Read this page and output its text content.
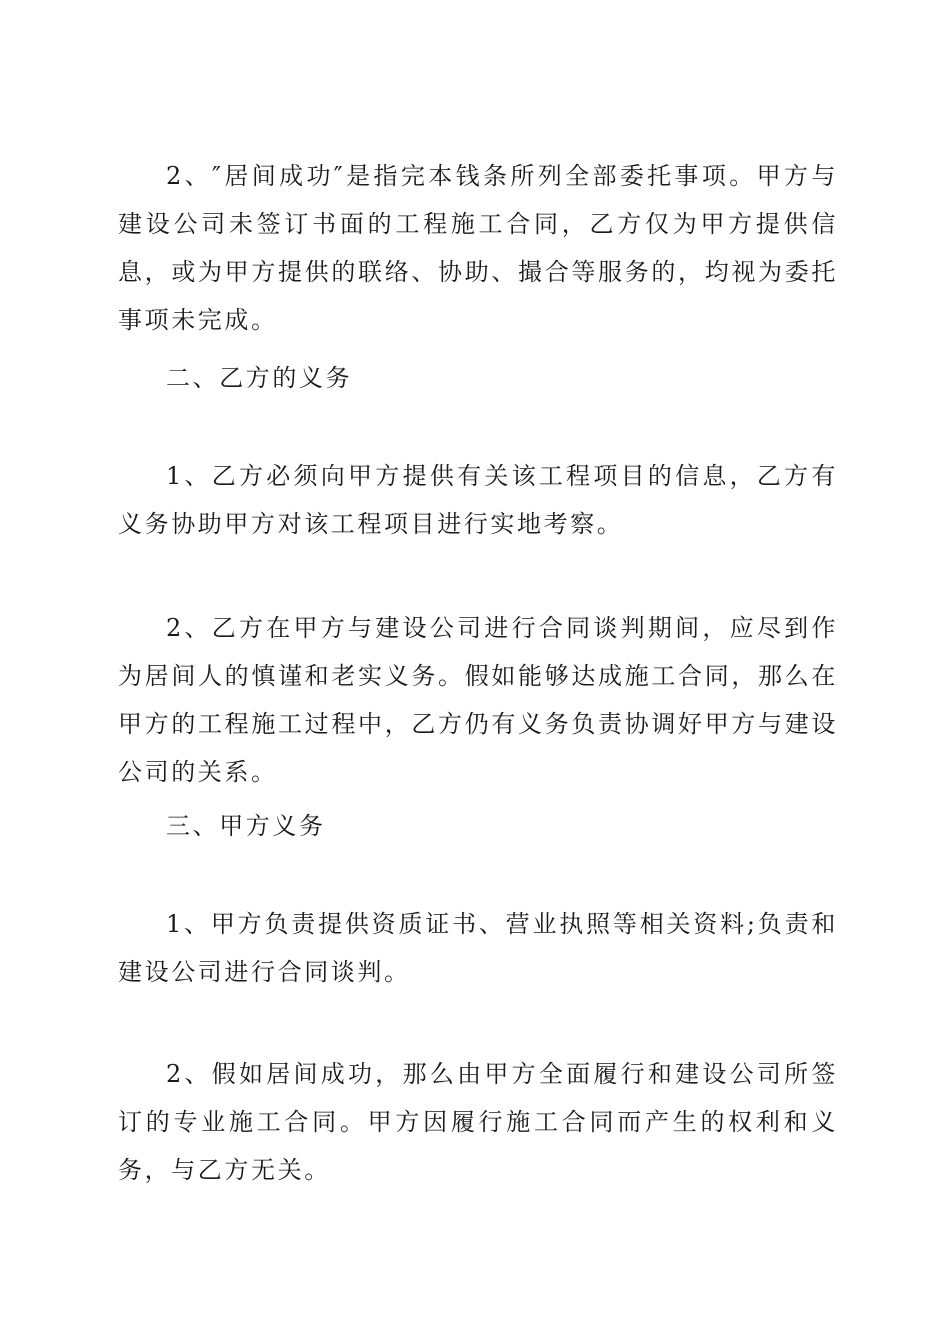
2、″居间成功″是指完本钱条所列全部委托事项。甲方与建设公司未签订书面的工程施工合同，乙方仅为甲方提供信息，或为甲方提供的联络、协助、撮合等服务的，均视为委托事项未完成。

二、乙方的义务

1、乙方必须向甲方提供有关该工程项目的信息，乙方有义务协助甲方对该工程项目进行实地考察。

2、乙方在甲方与建设公司进行合同谈判期间，应尽到作为居间人的慎谨和老实义务。假如能够达成施工合同，那么在甲方的工程施工过程中，乙方仍有义务负责协调好甲方与建设公司的关系。

三、甲方义务

1、甲方负责提供资质证书、营业执照等相关资料;负责和建设公司进行合同谈判。

2、假如居间成功，那么由甲方全面履行和建设公司所签订的专业施工合同。甲方因履行施工合同而产生的权利和义务，与乙方无关。
